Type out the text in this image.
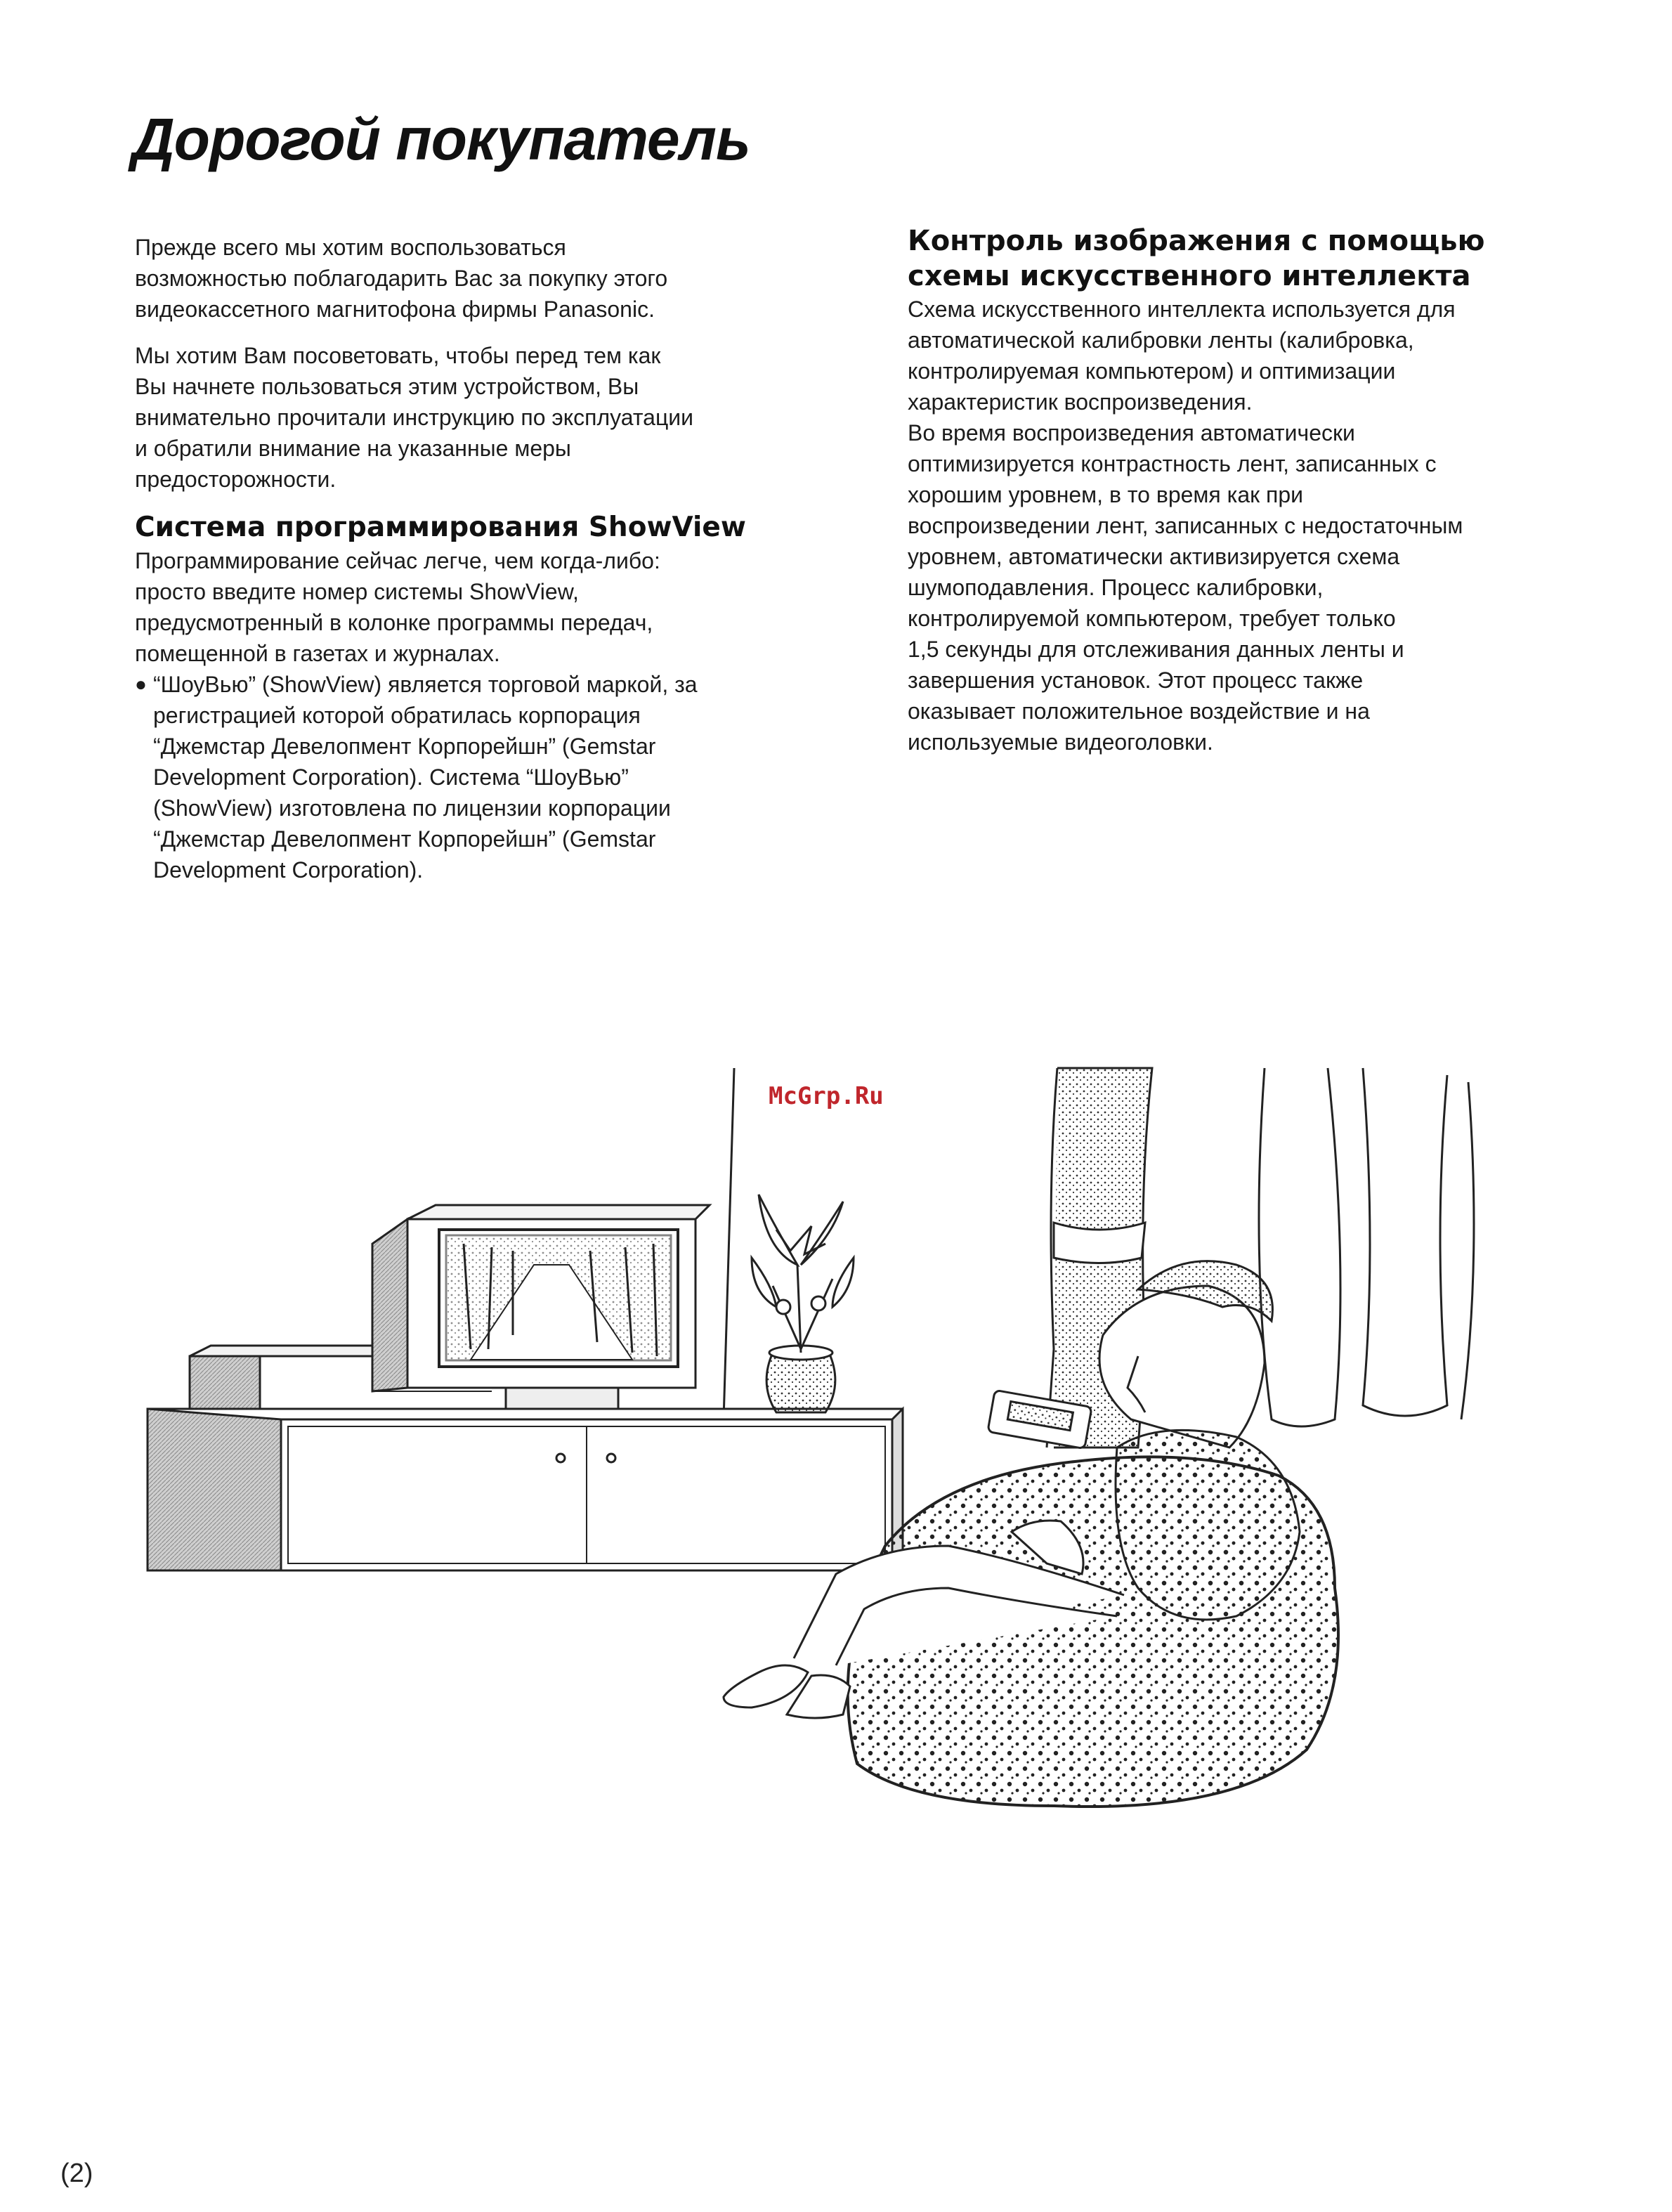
Дорогой покупатель

Прежде всего мы хотим воспользоваться
возможностью поблагодарить Вас за покупку этого
видеокассетного магнитофона фирмы Panasonic.

Мы хотим Вам посоветовать, чтобы перед тем как
Вы начнете пользоваться этим устройством, Вы
внимательно прочитали инструкцию по эксплуатации
и обратили внимание на указанные меры
предосторожности.

Система программирования ShowView

Программирование сейчас легче, чем когда-либо:
просто введите номер системы ShowView,
предусмотренный в колонке программы передач,
помещенной в газетах и журналах.

● “ШоуВью” (ShowView) является торговой маркой, за
регистрацией которой обратилась корпорация
“Джемстар Девелопмент Корпорейшн” (Gemstar
Development Corporation). Система “ШоуВью”
(ShowView) изготовлена по лицензии корпорации
“Джемстар Девелопмент Корпорейшн” (Gemstar
Development Corporation).
Контроль изображения с помощью
схемы искусственного интеллекта

Схема искусственного интеллекта используется для
автоматической калибровки ленты (калибровка,
контролируемая компьютером) и оптимизации
характеристик воспроизведения.
Во время воспроизведения автоматически
оптимизируется контрастность лент, записанных с
хорошим уровнем, в то время как при
воспроизведении лент, записанных с недостаточным
уровнем, автоматически активизируется схема
шумоподавления. Процесс калибровки,
контролируемой компьютером, требует только
1,5 секунды для отслеживания данных ленты и
завершения установок. Этот процесс также
оказывает положительное воздействие и на
используемые видеоголовки.

McGrp.Ru
(2)
